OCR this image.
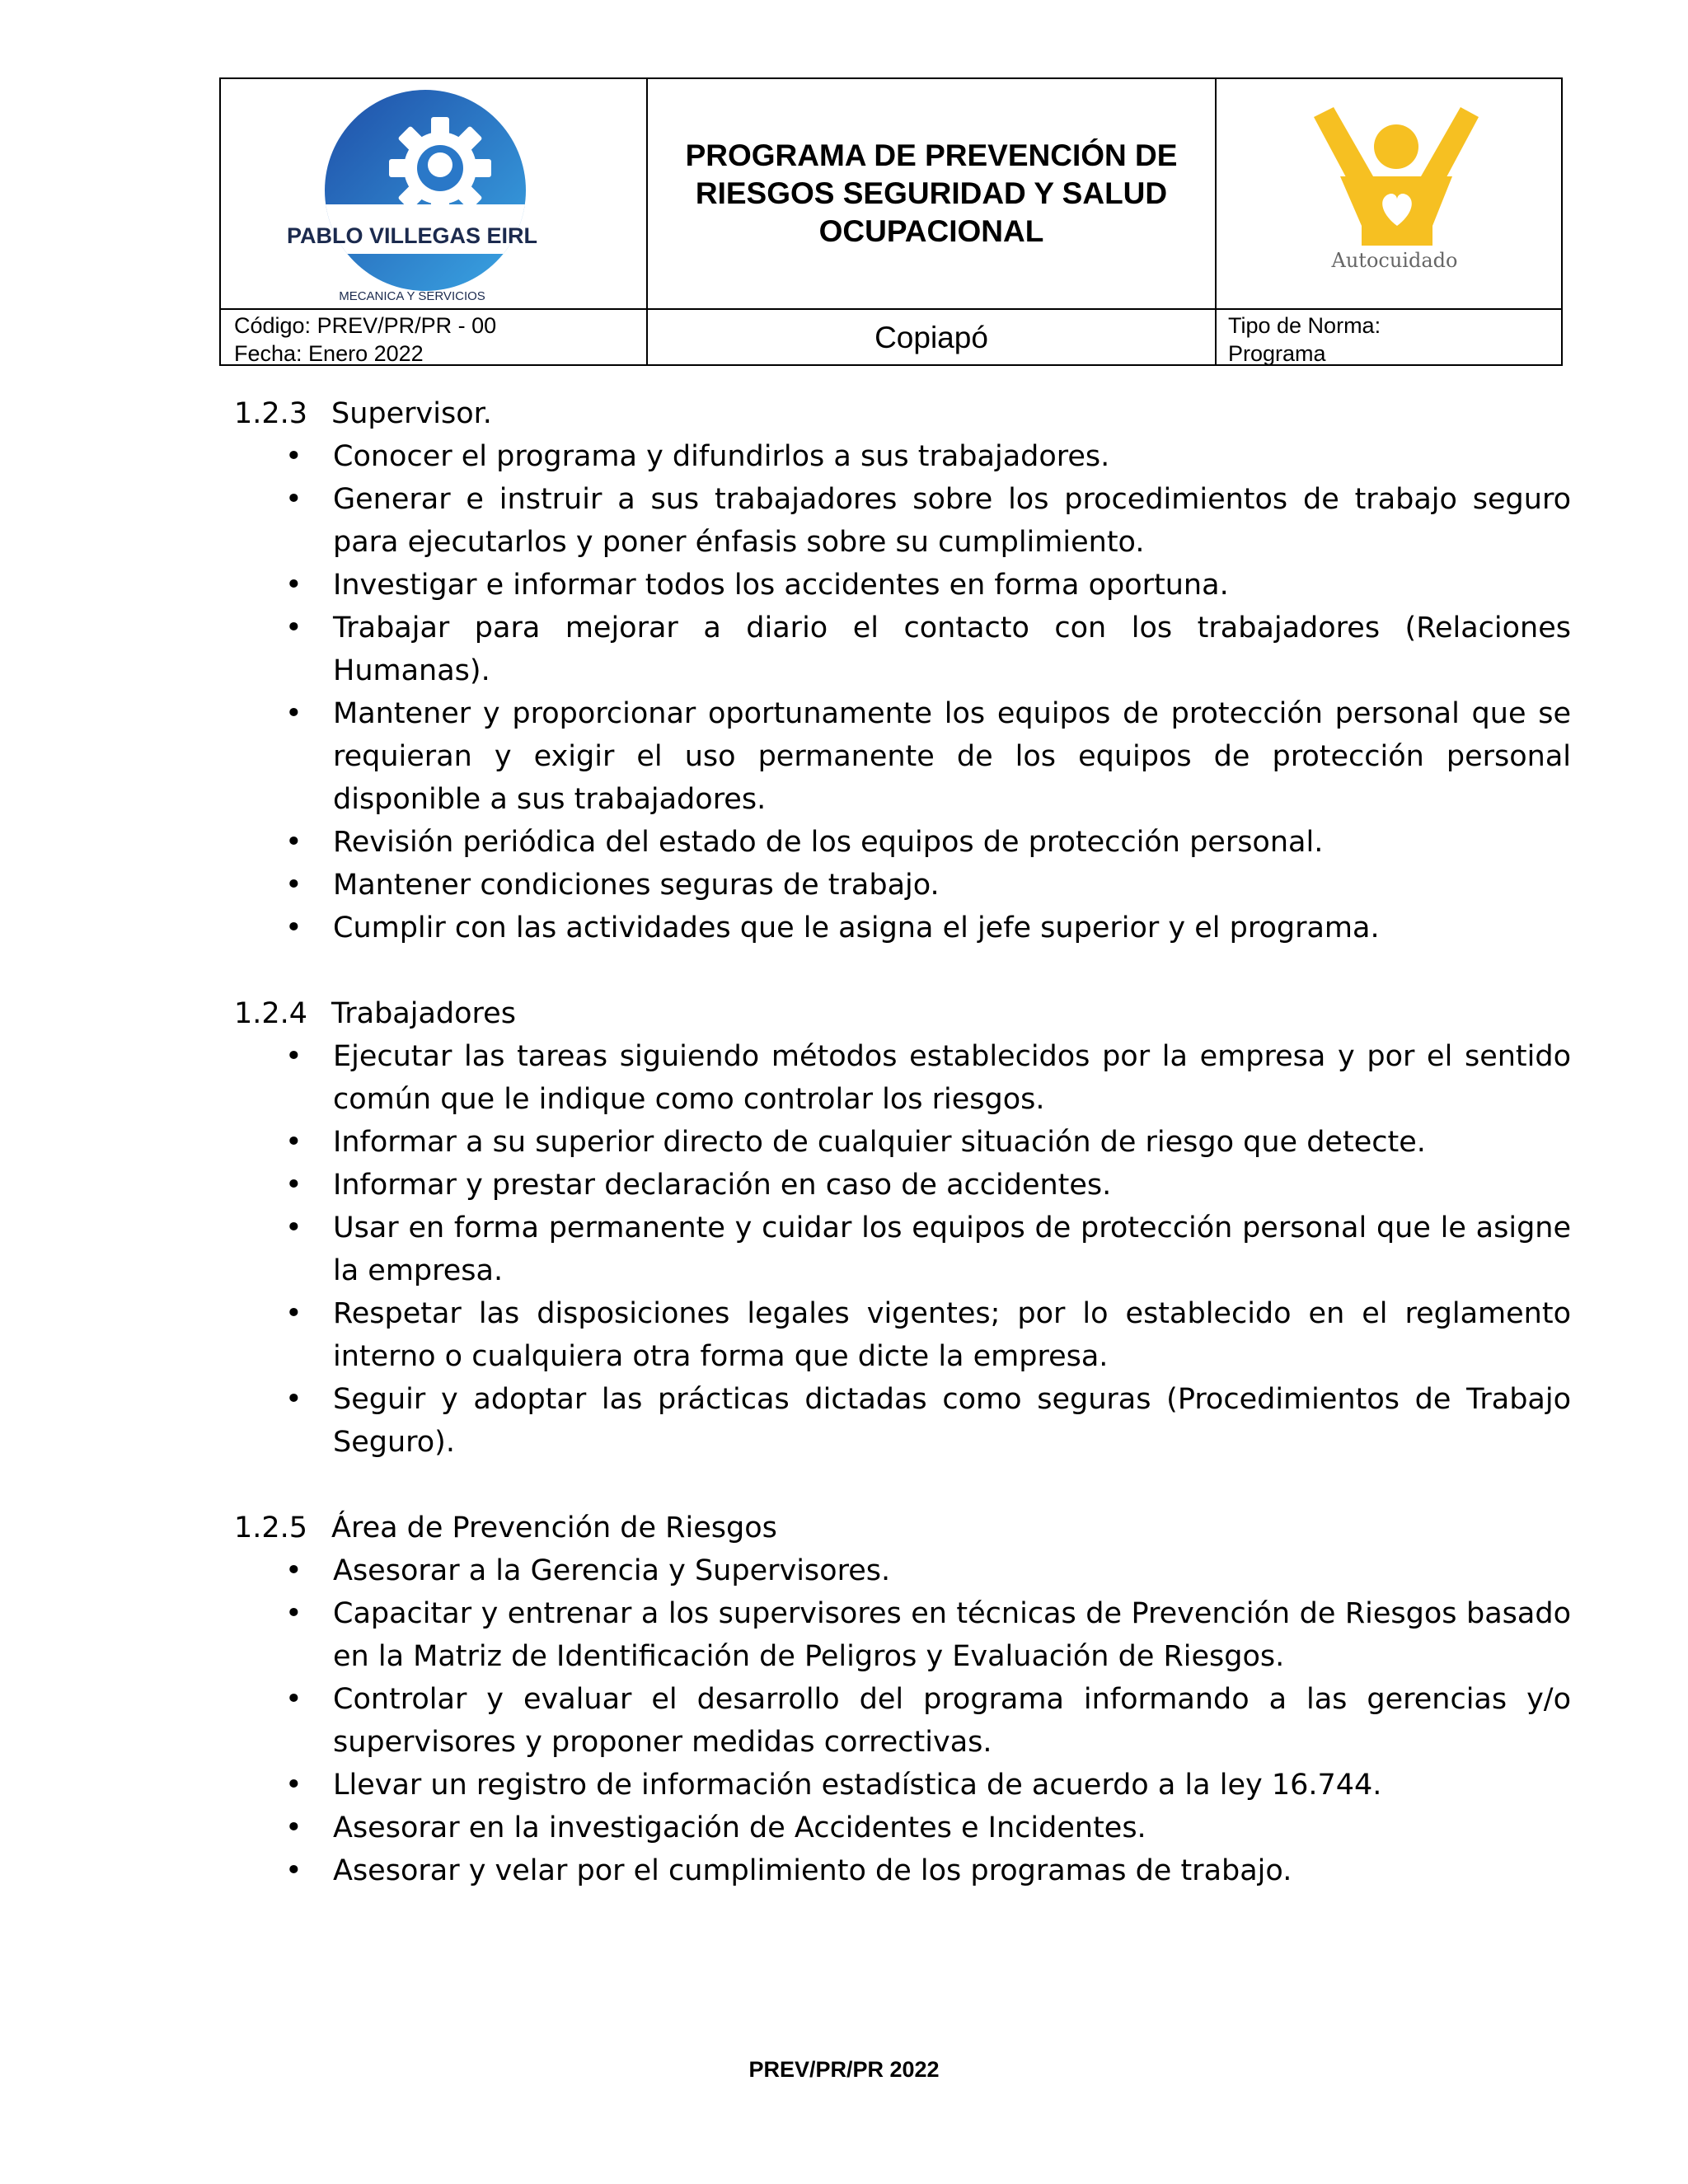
PABLO VILLEGAS EIRL
MECANICA Y SERVICIOS
PROGRAMA DE PREVENCIÓN DE
RIESGOS SEGURIDAD Y SALUD
OCUPACIONAL
Autocuidado
Código: PREV/PR/PR - 00
Fecha: Enero 2022	Copiapó	Tipo de Norma:
Programa
1.2.3 Supervisor.
• Conocer el programa y difundirlos a sus trabajadores.
• Generar e instruir a sus trabajadores sobre los procedimientos de trabajo seguro para ejecutarlos y poner énfasis sobre su cumplimiento.
• Investigar e informar todos los accidentes en forma oportuna.
• Trabajar para mejorar a diario el contacto con los trabajadores (Relaciones Humanas).
• Mantener y proporcionar oportunamente los equipos de protección personal que se requieran y exigir el uso permanente de los equipos de protección personal disponible a sus trabajadores.
• Revisión periódica del estado de los equipos de protección personal.
• Mantener condiciones seguras de trabajo.
• Cumplir con las actividades que le asigna el jefe superior y el programa.
1.2.4 Trabajadores
• Ejecutar las tareas siguiendo métodos establecidos por la empresa y por el sentido común que le indique como controlar los riesgos.
• Informar a su superior directo de cualquier situación de riesgo que detecte.
• Informar y prestar declaración en caso de accidentes.
• Usar en forma permanente y cuidar los equipos de protección personal que le asigne la empresa.
• Respetar las disposiciones legales vigentes; por lo establecido en el reglamento interno o cualquiera otra forma que dicte la empresa.
• Seguir y adoptar las prácticas dictadas como seguras (Procedimientos de Trabajo Seguro).
1.2.5 Área de Prevención de Riesgos
• Asesorar a la Gerencia y Supervisores.
• Capacitar y entrenar a los supervisores en técnicas de Prevención de Riesgos basado en la Matriz de Identificación de Peligros y Evaluación de Riesgos.
• Controlar y evaluar el desarrollo del programa informando a las gerencias y/o supervisores y proponer medidas correctivas.
• Llevar un registro de información estadística de acuerdo a la ley 16.744.
• Asesorar en la investigación de Accidentes e Incidentes.
• Asesorar y velar por el cumplimiento de los programas de trabajo.
PREV/PR/PR 2022
